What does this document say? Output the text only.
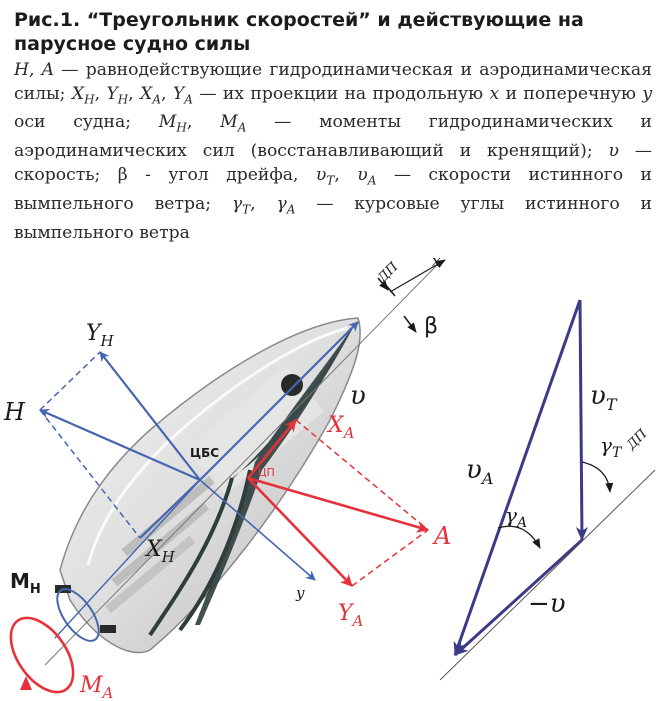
Рис.1. “Треугольник скоростей” и действующие на парусное судно силы

H, A — равнодействующие гидродинамическая и аэродинамическая силы; $X_H$, $Y_H$, $X_A$, $Y_A$ — их проекции на продольную x и поперечную y оси судна; $M_H$, $M_A$ — моменты гидродинамических и аэродинамических сил (восстанавливающий и кренящий); υ — скорость; β - угол дрейфа, $\upsilon_T$, $\upsilon_A$ — скорости истинного и вымпельного ветра; $\gamma_T$, $\gamma_A$ — курсовые углы истинного и вымпельного ветра

ДП x
β
$Y_H$
H
ЦБС
ЦП
υ
$X_A$
A
$X_H$
y
$Y_A$
$M_H$
$M_A$
$\upsilon_T$
$\gamma_T$
ДП
$\upsilon_A$
$\gamma_A$
−υ
